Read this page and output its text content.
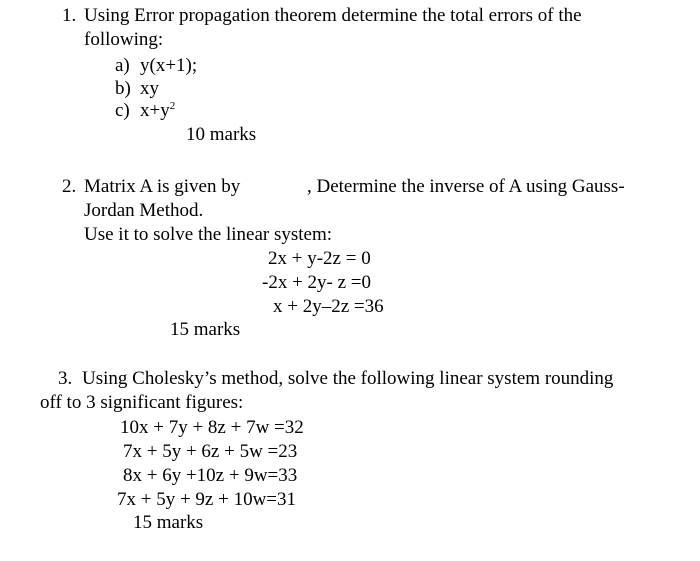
1. Using Error propagation theorem determine the total errors of the
following:
a) y(x+1);
b) xy
c) $x+y^2$
10 marks
2. Matrix A is given by	, Determine the inverse of A using Gauss-
Jordan Method.
Use it to solve the linear system:
2x + y-2z = 0
-2x + 2y- z =0
x + 2y–2z =36
15 marks
3. Using Cholesky’s method, solve the following linear system rounding
off to 3 significant figures:
10x + 7y + 8z + 7w =32
7x + 5y + 6z + 5w =23
8x + 6y +10z + 9w=33
7x + 5y + 9z + 10w=31
15 marks
